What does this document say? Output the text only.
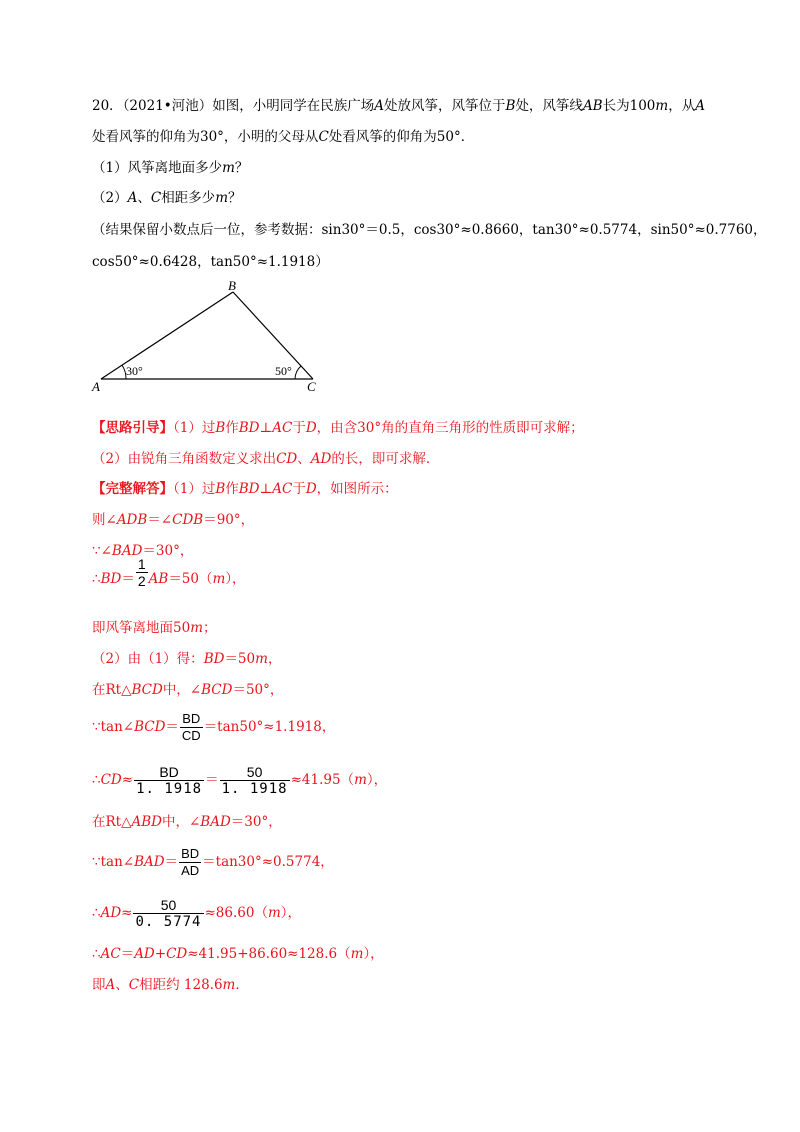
20．（2021•河池）如图，小明同学在民族广场A处放风筝，风筝位于B处，风筝线AB长为100m，从A
处看风筝的仰角为30°，小明的父母从C处看风筝的仰角为50°．
（1）风筝离地面多少m？
（2）A、C相距多少m？
（结果保留小数点后一位，参考数据：sin30°＝0.5，cos30°≈0.8660，tan30°≈0.5774，sin50°≈0.7760，
cos50°≈0.6428，tan50°≈1.1918）
B
A	C
30°	50°
【思路引导】（1）过B作BD⊥AC于D，由含30°角的直角三角形的性质即可求解；
（2）由锐角三角函数定义求出CD、AD的长，即可求解．
【完整解答】（1）过B作BD⊥AC于D，如图所示：
则∠ADB＝∠CDB＝90°，
∵∠BAD＝30°，
∴BD＝ $\frac{1}{2} AB=50(m)$，
即风筝离地面50m；
（2）由（1）得：BD＝50m，
在Rt△BCD中，∠BCD＝50°，
∵tan∠BCD＝ $\frac{BD}{CD} =\tan 50^\circ\approx 1.1918$，
∴CD≈ $\frac{BD}{1. 1918} = \frac{50}{1. 1918} \approx 41.95(m)$，
在Rt△ABD中，∠BAD＝30°，
∵tan∠BAD＝ $\frac{BD}{AD} =\tan 30^\circ\approx 0.5774$，
∴AD≈ $\frac{50}{0. 5774} \approx 86.60(m)$，
∴AC＝AD+CD≈41.95+86.60≈128.6（m），
即A、C相距约 128.6m．
